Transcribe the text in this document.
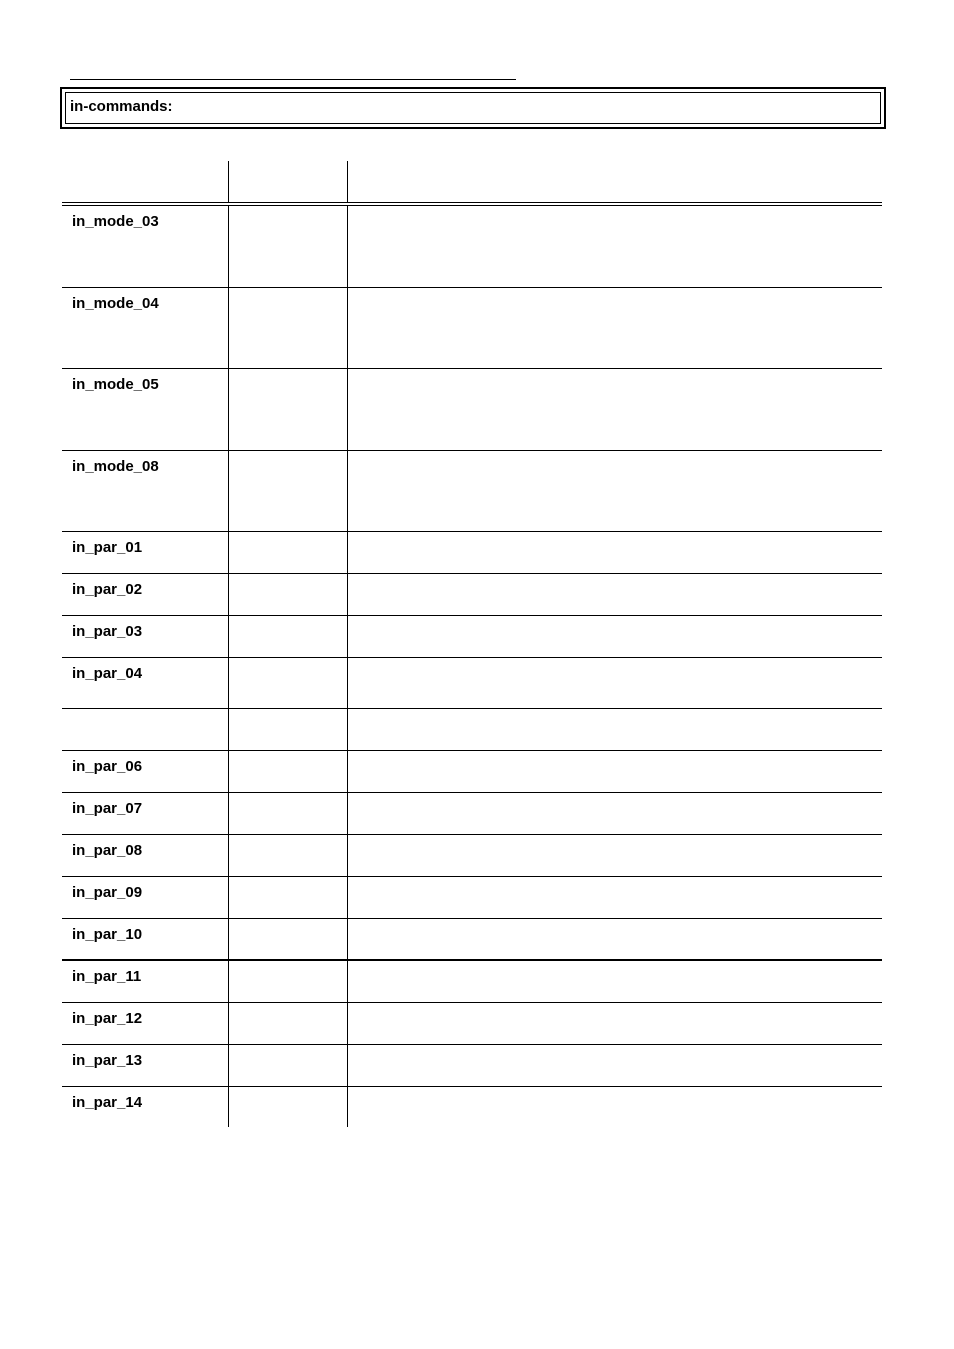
in-commands:
in_mode_03
in_mode_04
in_mode_05
in_mode_08
in_par_01
in_par_02
in_par_03
in_par_04
in_par_06
in_par_07
in_par_08
in_par_09
in_par_10
in_par_11
in_par_12
in_par_13
in_par_14
